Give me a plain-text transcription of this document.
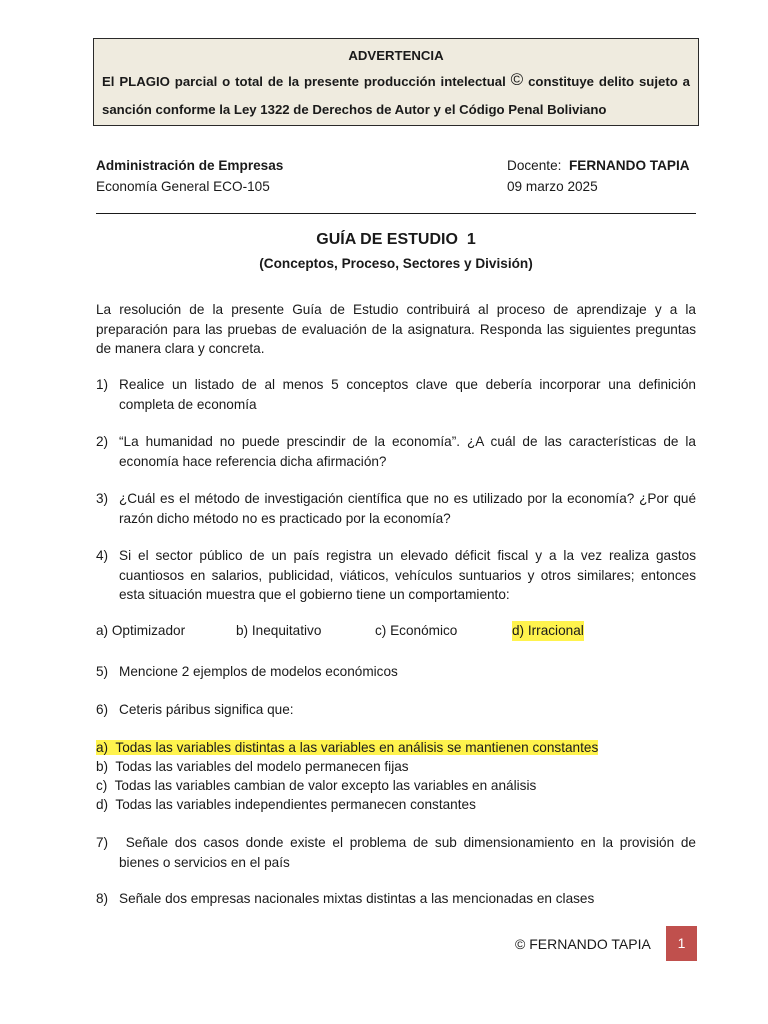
ADVERTENCIA
El PLAGIO parcial o total de la presente producción intelectual © constituye delito sujeto a sanción conforme la Ley 1322 de Derechos de Autor y el Código Penal Boliviano
Administración de Empresas
Economía General ECO-105
Docente: FERNANDO TAPIA
09 marzo 2025
GUÍA DE ESTUDIO  1
(Conceptos, Proceso, Sectores y División)
La resolución de la presente Guía de Estudio contribuirá al proceso de aprendizaje y a la preparación para las pruebas de evaluación de la asignatura. Responda las siguientes preguntas de manera clara y concreta.
1) Realice un listado de al menos 5 conceptos clave que debería incorporar una definición completa de economía
2) “La humanidad no puede prescindir de la economía”. ¿A cuál de las características de la economía hace referencia dicha afirmación?
3) ¿Cuál es el método de investigación científica que no es utilizado por la economía? ¿Por qué razón dicho método no es practicado por la economía?
4) Si el sector público de un país registra un elevado déficit fiscal y a la vez realiza gastos cuantiosos en salarios, publicidad, viáticos, vehículos suntuarios y otros similares; entonces esta situación muestra que el gobierno tiene un comportamiento:
a) Optimizador	b) Inequitativo	c) Económico	d) Irracional
5) Mencione 2 ejemplos de modelos económicos
6) Ceteris páribus significa que:
a)  Todas las variables distintas a las variables en análisis se mantienen constantes
b)  Todas las variables del modelo permanecen fijas
c)  Todas las variables cambian de valor excepto las variables en análisis
d)  Todas las variables independientes permanecen constantes
7) Señale dos casos donde existe el problema de sub dimensionamiento en la provisión de bienes o servicios en el país
8) Señale dos empresas nacionales mixtas distintas a las mencionadas en clases
© FERNANDO TAPIA	1
